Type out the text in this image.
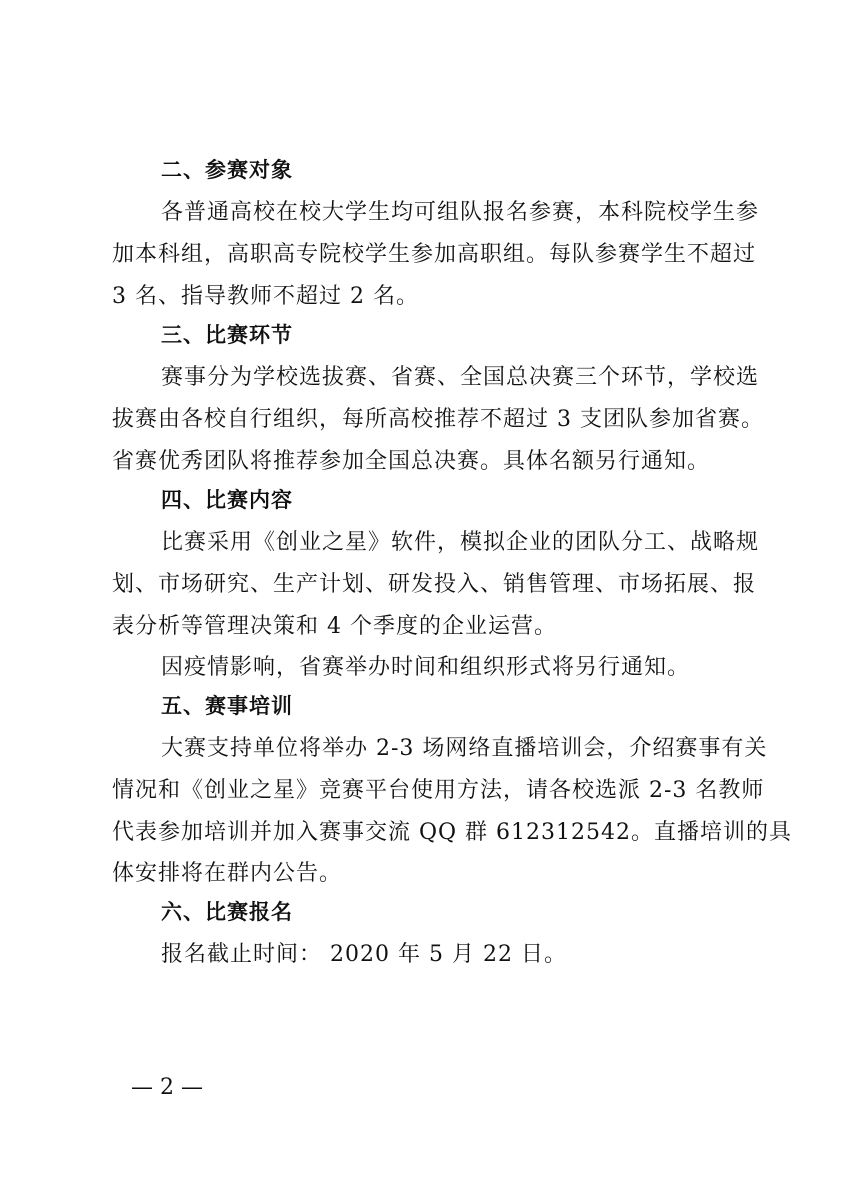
二、参赛对象
各普通高校在校大学生均可组队报名参赛，本科院校学生参
加本科组，高职高专院校学生参加高职组。每队参赛学生不超过
3 名、指导教师不超过 2 名。
三、比赛环节
赛事分为学校选拔赛、省赛、全国总决赛三个环节，学校选
拔赛由各校自行组织，每所高校推荐不超过 3 支团队参加省赛。
省赛优秀团队将推荐参加全国总决赛。具体名额另行通知。
四、比赛内容
比赛采用《创业之星》软件，模拟企业的团队分工、战略规
划、市场研究、生产计划、研发投入、销售管理、市场拓展、报
表分析等管理决策和 4 个季度的企业运营。
因疫情影响，省赛举办时间和组织形式将另行通知。
五、赛事培训
大赛支持单位将举办 2-3 场网络直播培训会，介绍赛事有关
情况和《创业之星》竞赛平台使用方法，请各校选派 2-3 名教师
代表参加培训并加入赛事交流 QQ 群 612312542。直播培训的具
体安排将在群内公告。
六、比赛报名
报名截止时间： 2020 年 5 月 22 日。
— 2 —
